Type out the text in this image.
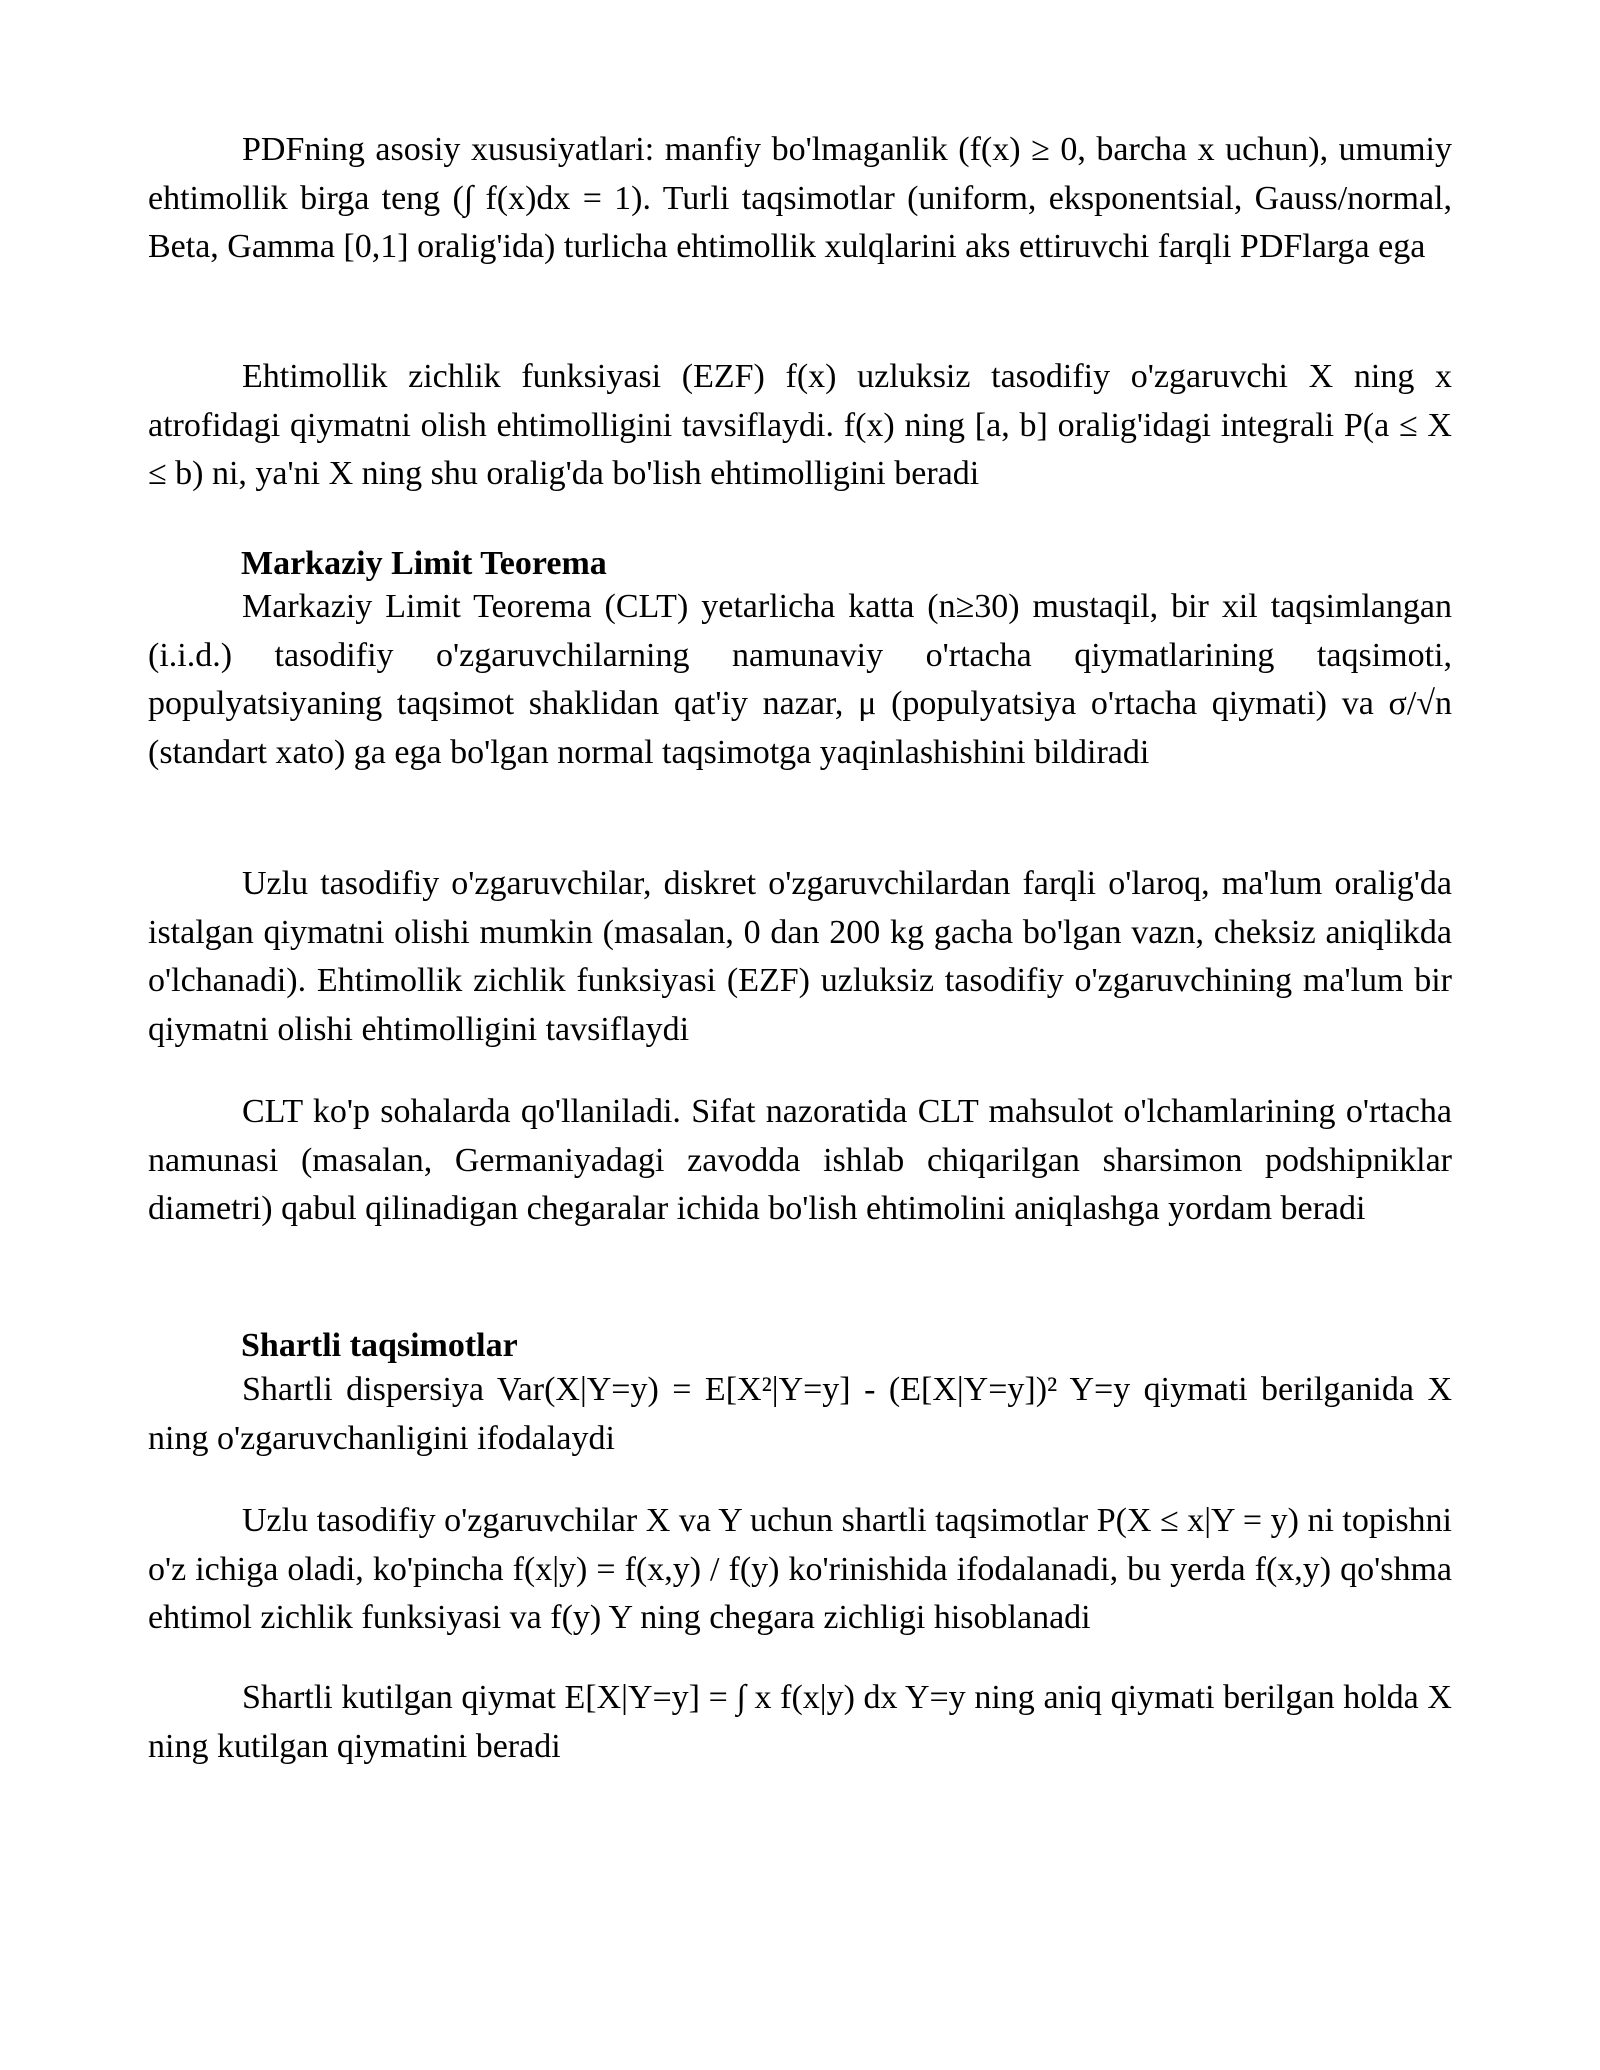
PDFning asosiy xususiyatlari: manfiy bo'lmaganlik (f(x) ≥ 0, barcha x uchun), umumiy ehtimollik birga teng (∫ f(x)dx = 1). Turli taqsimotlar (uniform, eksponentsial, Gauss/normal, Beta, Gamma [0,1] oralig'ida) turlicha ehtimollik xulqlarini aks ettiruvchi farqli PDFlarga ega

Ehtimollik zichlik funksiyasi (EZF) f(x) uzluksiz tasodifiy o'zgaruvchi X ning x atrofidagi qiymatni olish ehtimolligini tavsiflaydi. f(x) ning [a, b] oralig'idagi integrali P(a ≤ X ≤ b) ni, ya'ni X ning shu oralig'da bo'lish ehtimolligini beradi

Markaziy Limit Teorema

Markaziy Limit Teorema (CLT) yetarlicha katta (n≥30) mustaqil, bir xil taqsimlangan (i.i.d.) tasodifiy o'zgaruvchilarning namunaviy o'rtacha qiymatlarining taqsimoti, populyatsiyaning taqsimot shaklidan qat'iy nazar, μ (populyatsiya o'rtacha qiymati) va σ/√n (standart xato) ga ega bo'lgan normal taqsimotga yaqinlashishini bildiradi

Uzlu tasodifiy o'zgaruvchilar, diskret o'zgaruvchilardan farqli o'laroq, ma'lum oralig'da istalgan qiymatni olishi mumkin (masalan, 0 dan 200 kg gacha bo'lgan vazn, cheksiz aniqlikda o'lchanadi). Ehtimollik zichlik funksiyasi (EZF) uzluksiz tasodifiy o'zgaruvchining ma'lum bir qiymatni olishi ehtimolligini tavsiflaydi

CLT ko'p sohalarda qo'llaniladi. Sifat nazoratida CLT mahsulot o'lchamlarining o'rtacha namunasi (masalan, Germaniyadagi zavodda ishlab chiqarilgan sharsimon podshipniklar diametri) qabul qilinadigan chegaralar ichida bo'lish ehtimolini aniqlashga yordam beradi

Shartli taqsimotlar

Shartli dispersiya Var(X|Y=y) = E[X²|Y=y] - (E[X|Y=y])² Y=y qiymati berilganida X ning o'zgaruvchanligini ifodalaydi

Uzlu tasodifiy o'zgaruvchilar X va Y uchun shartli taqsimotlar P(X ≤ x|Y = y) ni topishni o'z ichiga oladi, ko'pincha f(x|y) = f(x,y) / f(y) ko'rinishida ifodalanadi, bu yerda f(x,y) qo'shma ehtimol zichlik funksiyasi va f(y) Y ning chegara zichligi hisoblanadi

Shartli kutilgan qiymat E[X|Y=y] = ∫ x f(x|y) dx Y=y ning aniq qiymati berilgan holda X ning kutilgan qiymatini beradi
